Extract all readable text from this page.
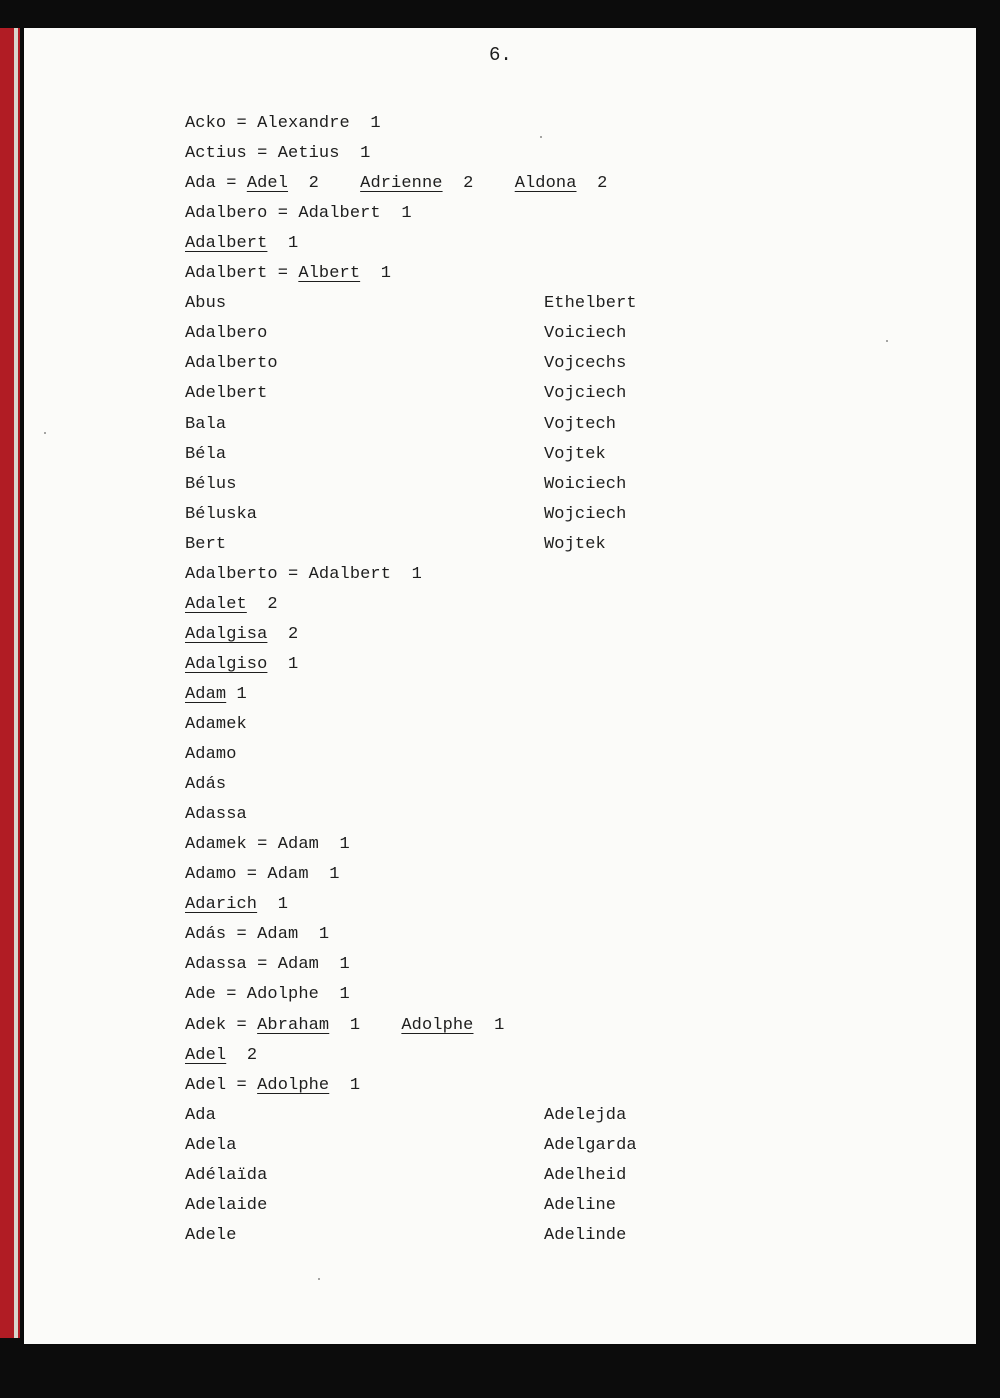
6.
Acko = Alexandre  1
Actius = Aetius  1
Ada = Adel  2    Adrienne  2    Aldona  2
Adalbero = Adalbert  1
Adalbert  1
Adalbert = Albert  1
Abus
Adalbero
Adalberto
Adelbert
Bala
Béla
Bélus
Béluska
Bert
Adalberto = Adalbert  1
Adalet  2
Adalgisa  2
Adalgiso  1
Adam 1
Adamek
Adamo
Adás
Adassa
Adamek = Adam  1
Adamo = Adam  1
Adarich  1
Adás = Adam  1
Adassa = Adam  1
Ade = Adolphe  1
Adek = Abraham  1    Adolphe  1
Adel  2
Adel = Adolphe  1
Ada
Adela
Adélaïda
Adelaide
Adele
Ethelbert
Voiciech
Vojcechs
Vojciech
Vojtech
Vojtek
Woiciech
Wojciech
Wojtek
Adelejda
Adelgarda
Adelheid
Adeline
Adelinde
